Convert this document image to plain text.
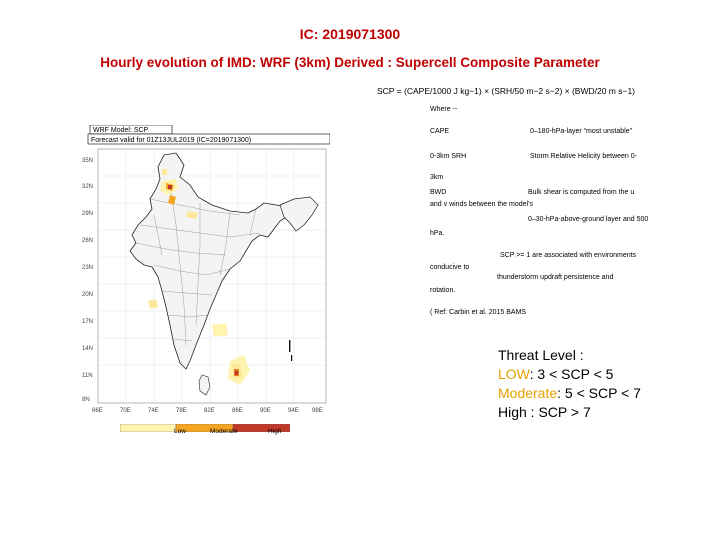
IC: 2019071300
Hourly evolution of IMD: WRF (3km) Derived : Supercell Composite Parameter
SCP = (CAPE/1000 J kg−1) × (SRH/50 m−2 s−2) × (BWD/20 m s−1)
Where --
CAPE	0–180-hPa-layer “most unstable”
0-3km SRH	Storm Relative Helicity between 0-
3km
BWD	Bulk shear is computed from the u
and v winds between the model’s
0–30-hPa-above-ground layer and 500
hPa.
SCP >= 1 are associated with environments
conducive to
thunderstorm updraft persistence and
rotation.
( Ref: Carbin et al. 2015 BAMS
Threat Level :
LOW: 3 < SCP < 5
Moderate: 5 < SCP < 7
High : SCP > 7
WRF Model: SCP
Forecast valid for 01Z13JUL2019 (IC=2019071300)
35N
32N
29N
26N
23N
20N
17N
14N
11N
8N
66E	70E	74E	78E	82E	86E	90E	94E 98E
Low	Moderate	High
